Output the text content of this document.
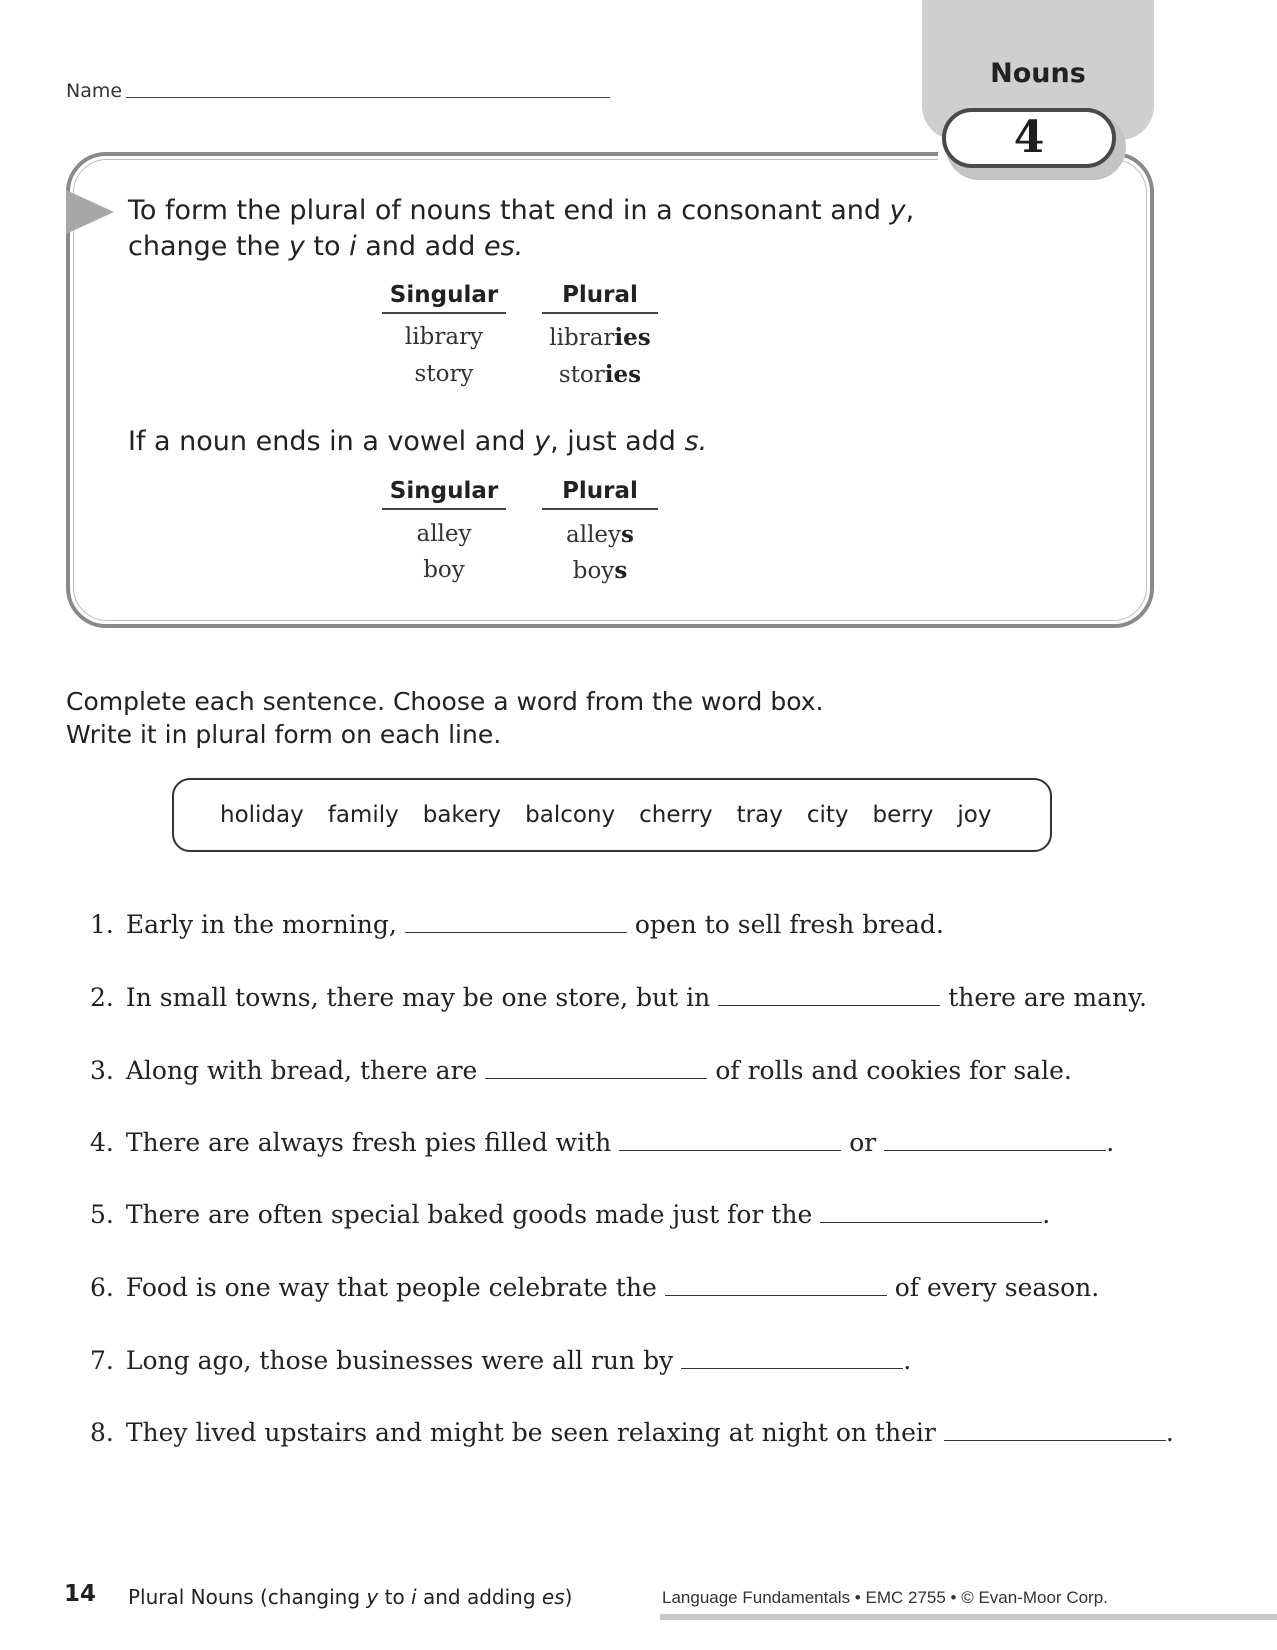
Name
Nouns
4
To form the plural of nouns that end in a consonant and y,
change the y to i and add es.
Singular	Plural
library	libraries
story	stories
If a noun ends in a vowel and y, just add s.
Singular	Plural
alley	alleys
boy	boys
Complete each sentence. Choose a word from the word box.
Write it in plural form on each line.
holiday family bakery balcony cherry tray city berry joy
1. Early in the morning,	open to sell fresh bread.
2. In small towns, there may be one store, but in	there are many.
3. Along with bread, there are	of rolls and cookies for sale.
4. There are always fresh pies filled with	or	.
5. There are often special baked goods made just for the	.
6. Food is one way that people celebrate the	of every season.
7. Long ago, those businesses were all run by	.
8. They lived upstairs and might be seen relaxing at night on their	.
14 Plural Nouns (changing y to i and adding es)	Language Fundamentals • EMC 2755 • © Evan-Moor Corp.
